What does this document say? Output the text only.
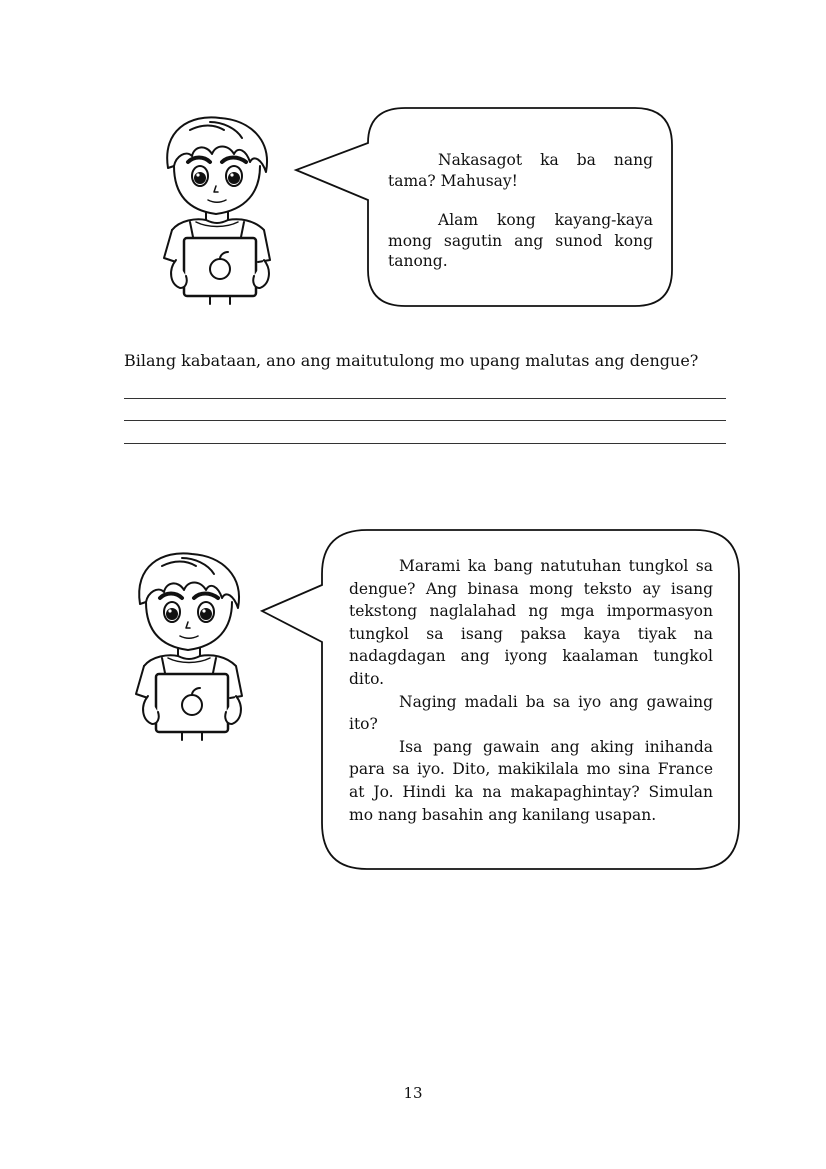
Nakasagot ka ba nang tama? Mahusay!

Alam kong kayang-kaya mong sagutin ang sunod kong tanong.

Bilang kabataan, ano ang maitutulong mo upang malutas ang dengue?

Marami ka bang natutuhan tungkol sa dengue? Ang binasa mong teksto ay isang tekstong naglalahad ng mga impormasyon tungkol sa isang paksa kaya tiyak na nadagdagan ang iyong kaalaman tungkol dito.

Naging madali ba sa iyo ang gawaing ito?

Isa pang gawain ang aking inihanda para sa iyo. Dito, makikilala mo sina France at Jo. Hindi ka na makapaghintay? Simulan mo nang basahin ang kanilang usapan.

13
